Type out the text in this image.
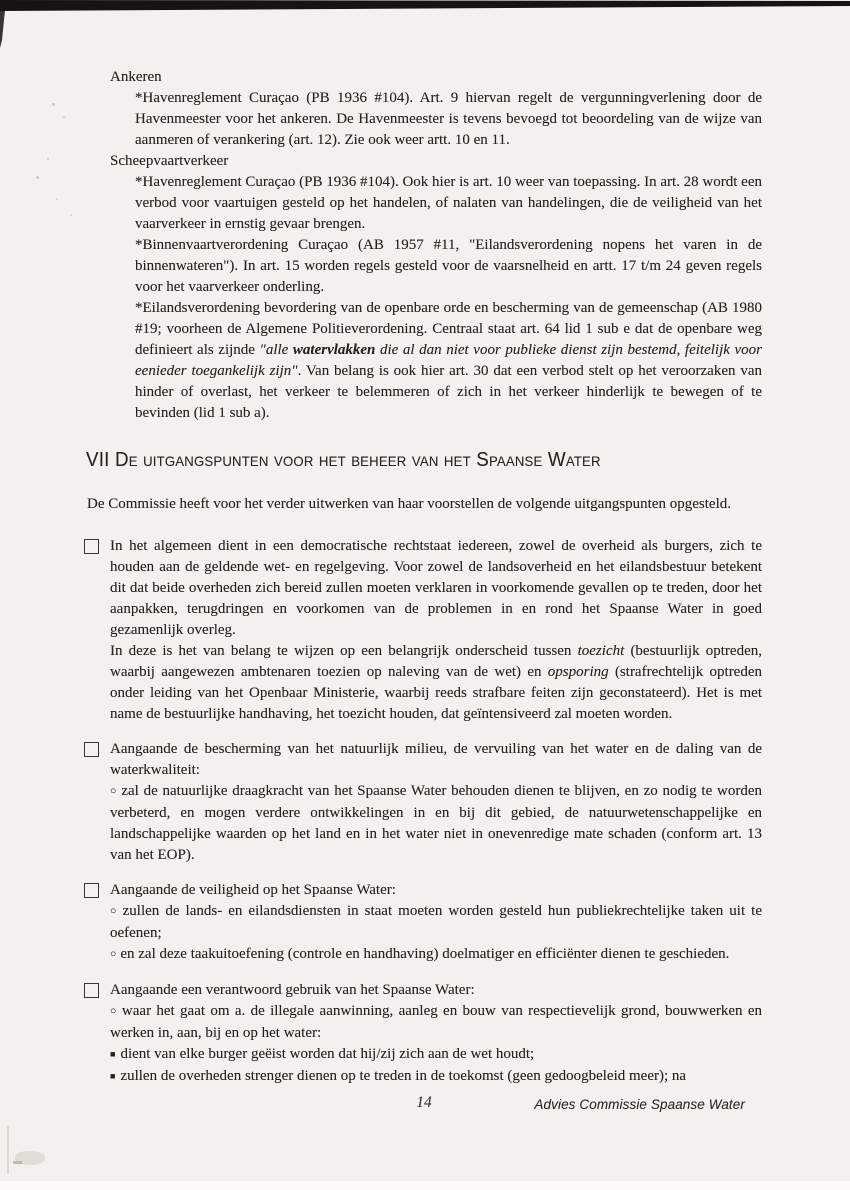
Ankeren

*Havenreglement Curaçao (PB 1936 #104). Art. 9 hiervan regelt de vergunningverlening door de Havenmeester voor het ankeren. De Havenmeester is tevens bevoegd tot beoordeling van de wijze van aanmeren of verankering (art. 12). Zie ook weer artt. 10 en 11.

Scheepvaartverkeer

*Havenreglement Curaçao (PB 1936 #104). Ook hier is art. 10 weer van toepassing. In art. 28 wordt een verbod voor vaartuigen gesteld op het handelen, of nalaten van handelingen, die de veiligheid van het vaarverkeer in ernstig gevaar brengen.

*Binnenvaartverordening Curaçao (AB 1957 #11, "Eilandsverordening nopens het varen in de binnenwateren"). In art. 15 worden regels gesteld voor de vaarsnelheid en artt. 17 t/m 24 geven regels voor het vaarverkeer onderling.

*Eilandsverordening bevordering van de openbare orde en bescherming van de gemeenschap (AB 1980 #19; voorheen de Algemene Politieverordening. Centraal staat art. 64 lid 1 sub e dat de openbare weg definieert als zijnde "alle watervlakken die al dan niet voor publieke dienst zijn bestemd, feitelijk voor eenieder toegankelijk zijn". Van belang is ook hier art. 30 dat een verbod stelt op het veroorzaken van hinder of overlast, het verkeer te belemmeren of zich in het verkeer hinderlijk te bewegen of te bevinden (lid 1 sub a).

VII De uitgangspunten voor het beheer van het Spaanse Water
De Commissie heeft voor het verder uitwerken van haar voorstellen de volgende uitgangspunten opgesteld.

In het algemeen dient in een democratische rechtstaat iedereen, zowel de overheid als burgers, zich te houden aan de geldende wet- en regelgeving. Voor zowel de landsoverheid en het eilandsbestuur betekent dit dat beide overheden zich bereid zullen moeten verklaren in voorkomende gevallen op te treden, door het aanpakken, terugdringen en voorkomen van de problemen in en rond het Spaanse Water in goed gezamenlijk overleg.

In deze is het van belang te wijzen op een belangrijk onderscheid tussen toezicht (bestuurlijk optreden, waarbij aangewezen ambtenaren toezien op naleving van de wet) en opsporing (strafrechtelijk optreden onder leiding van het Openbaar Ministerie, waarbij reeds strafbare feiten zijn geconstateerd). Het is met name de bestuurlijke handhaving, het toezicht houden, dat geïntensiveerd zal moeten worden.

Aangaande de bescherming van het natuurlijk milieu, de vervuiling van het water en de daling van de waterkwaliteit:

○ zal de natuurlijke draagkracht van het Spaanse Water behouden dienen te blijven, en zo nodig te worden verbeterd, en mogen verdere ontwikkelingen in en bij dit gebied, de natuurwetenschappelijke en landschappelijke waarden op het land en in het water niet in onevenredige mate schaden (conform art. 13 van het EOP).

Aangaande de veiligheid op het Spaanse Water:

○ zullen de lands- en eilandsdiensten in staat moeten worden gesteld hun publiekrechtelijke taken uit te oefenen;

○ en zal deze taakuitoefening (controle en handhaving) doelmatiger en efficiënter dienen te geschieden.

Aangaande een verantwoord gebruik van het Spaanse Water:

○ waar het gaat om a. de illegale aanwinning, aanleg en bouw van respectievelijk grond, bouwwerken en werken in, aan, bij en op het water:

■ dient van elke burger geëist worden dat hij/zij zich aan de wet houdt;

■ zullen de overheden strenger dienen op te treden in de toekomst (geen gedoogbeleid meer); na

14	Advies Commissie Spaanse Water
